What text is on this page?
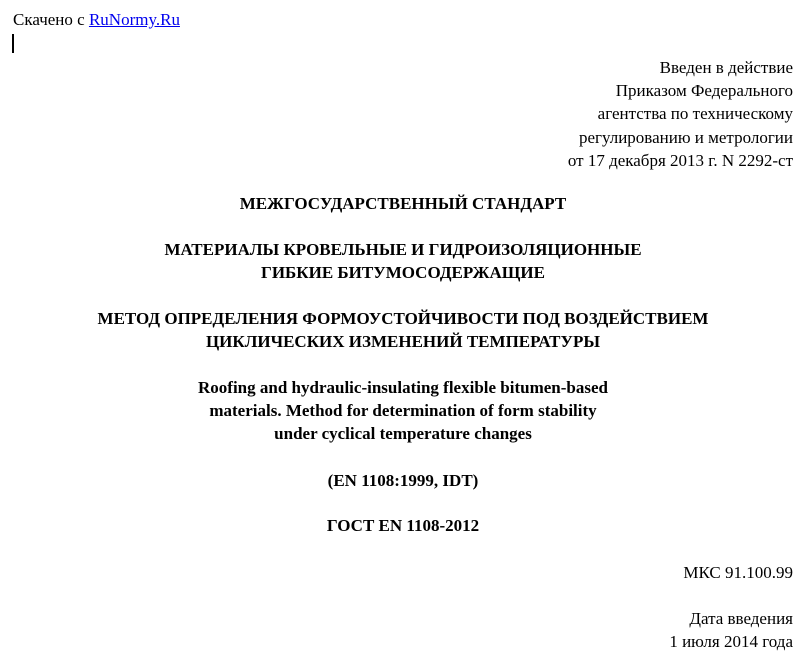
Скачено с RuNormy.Ru
Введен в действие
Приказом Федерального
агентства по техническому
регулированию и метрологии
от 17 декабря 2013 г. N 2292-ст
МЕЖГОСУДАРСТВЕННЫЙ СТАНДАРТ
МАТЕРИАЛЫ КРОВЕЛЬНЫЕ И ГИДРОИЗОЛЯЦИОННЫЕ
ГИБКИЕ БИТУМОСОДЕРЖАЩИЕ
МЕТОД ОПРЕДЕЛЕНИЯ ФОРМОУСТОЙЧИВОСТИ ПОД ВОЗДЕЙСТВИЕМ
ЦИКЛИЧЕСКИХ ИЗМЕНЕНИЙ ТЕМПЕРАТУРЫ
Roofing and hydraulic-insulating flexible bitumen-based
materials. Method for determination of form stability
under cyclical temperature changes
(EN 1108:1999, IDT)
ГОСТ EN 1108-2012
МКС 91.100.99
Дата введения
1 июля 2014 года
